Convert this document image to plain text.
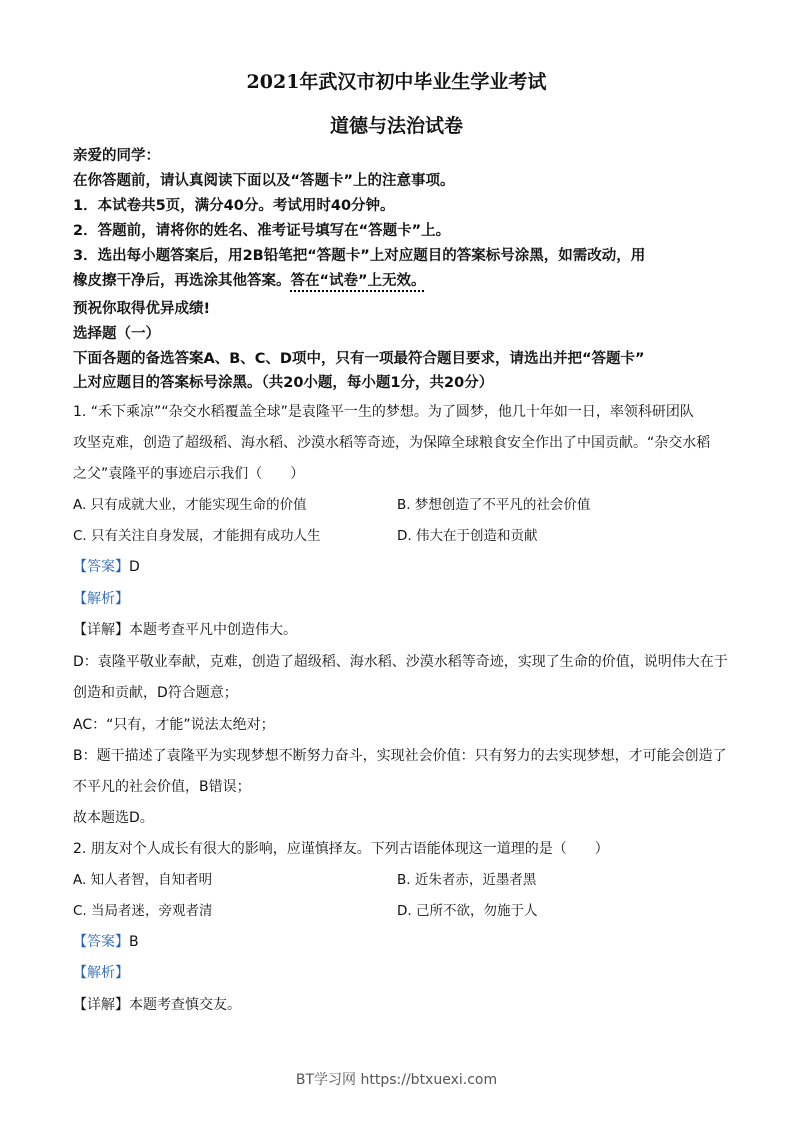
2021年武汉市初中毕业生学业考试
道德与法治试卷
亲爱的同学：
在你答题前，请认真阅读下面以及“答题卡”上的注意事项。
1．本试卷共5页，满分40分。考试用时40分钟。
2．答题前，请将你的姓名、准考证号填写在“答题卡”上。
3．选出每小题答案后，用2B铅笔把“答题卡”上对应题目的答案标号涂黑，如需改动，用
橡皮擦干净后，再选涂其他答案。答在“试卷”上无效。
预祝你取得优异成绩!
选择题（一）
下面各题的备选答案A、B、C、D项中，只有一项最符合题目要求，请选出并把“答题卡”
上对应题目的答案标号涂黑。（共20小题，每小题1分，共20分）
1. “禾下乘凉”“杂交水稻覆盖全球”是袁隆平一生的梦想。为了圆梦，他几十年如一日，率领科研团队
攻坚克难，创造了超级稻、海水稻、沙漠水稻等奇迹，为保障全球粮食安全作出了中国贡献。“杂交水稻
之父”袁隆平的事迹启示我们（　　）
A. 只有成就大业，才能实现生命的价值	B. 梦想创造了不平凡的社会价值
C. 只有关注自身发展，才能拥有成功人生	D. 伟大在于创造和贡献
【答案】D
【解析】
【详解】本题考查平凡中创造伟大。
D：袁隆平敬业奉献，克难，创造了超级稻、海水稻、沙漠水稻等奇迹，实现了生命的价值，说明伟大在于
创造和贡献，D符合题意；
AC：“只有，才能”说法太绝对；
B：题干描述了袁隆平为实现梦想不断努力奋斗，实现社会价值：只有努力的去实现梦想，才可能会创造了
不平凡的社会价值，B错误；
故本题选D。
2. 朋友对个人成长有很大的影响，应谨慎择友。下列古语能体现这一道理的是（　　）
A. 知人者智，自知者明	B. 近朱者赤，近墨者黑
C. 当局者迷，旁观者清	D. 己所不欲，勿施于人
【答案】B
【解析】
【详解】本题考查慎交友。
BT学习网 https://btxuexi.com
